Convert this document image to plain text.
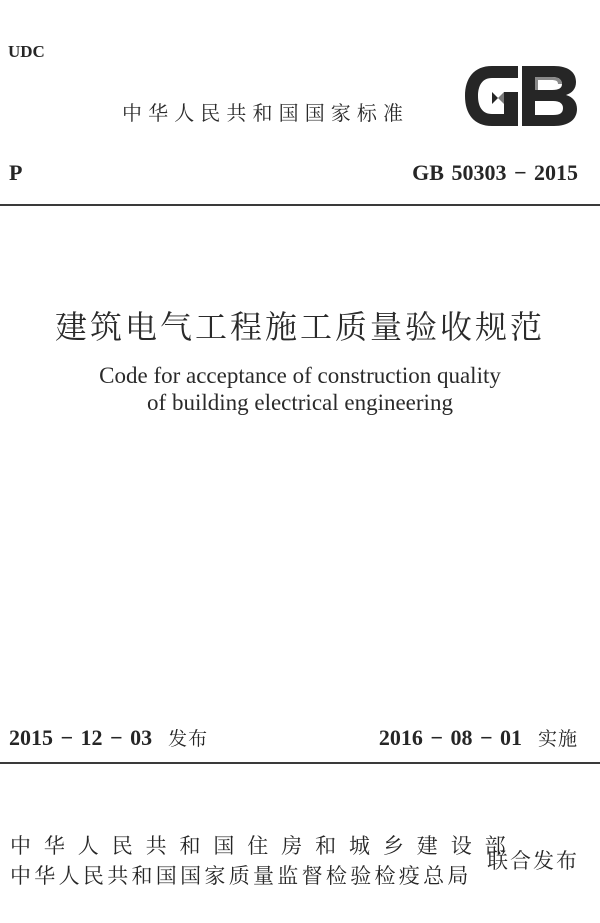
UDC
中华人民共和国国家标准
P	GB 50303 − 2015
建筑电气工程施工质量验收规范
Code for acceptance of construction quality
of building electrical engineering
2015 − 12 − 03 发布	2016 − 08 − 01 实施
中华人民共和国住房和城乡建设部
中华人民共和国国家质量监督检验检疫总局
联合发布
